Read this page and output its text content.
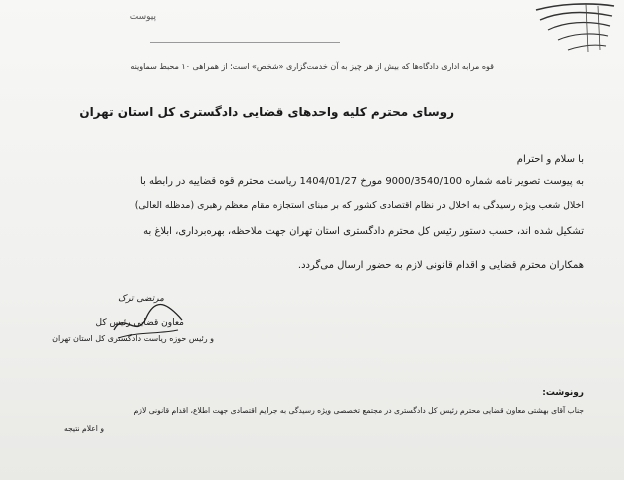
پیوست
قوه‌ مرابه اداری دادگاه‌ها که بیش از هر چیز به آن خدمت‌گزاری «شخص» است؛ از همراهی ۱۰ محبط سماوینه
روسای محترم کلیه واحدهای قضایی دادگستری کل استان تهران
با سلام و احترام
به پیوست تصویر نامه شماره 9000/3540/100 مورخ 1404/01/27 ریاست محترم قوه قضاییه در رابطه با
اخلال شعب ویژه رسیدگی به اخلال در نظام اقتصادی کشور که بر مبنای استجازه مقام معظم رهبری (مدظله العالی)
تشکیل شده اند، حسب دستور رئیس کل محترم دادگستری استان تهران جهت ملاحظه، بهره‌برداری، ابلاغ به
همکاران محترم قضایی و اقدام قانونی لازم به حضور ارسال می‌گردد.
مرتضی ترک
معاون قضایی رئیس کل
و رئیس حوزه ریاست دادگستری کل استان تهران
رونوشت:
جناب آقای بهشتی معاون قضایی محترم رئیس کل دادگستری در مجتمع تخصصی ویژه رسیدگی به جرایم اقتصادی جهت اطلاع، اقدام قانونی لازم
و اعلام نتیجه
